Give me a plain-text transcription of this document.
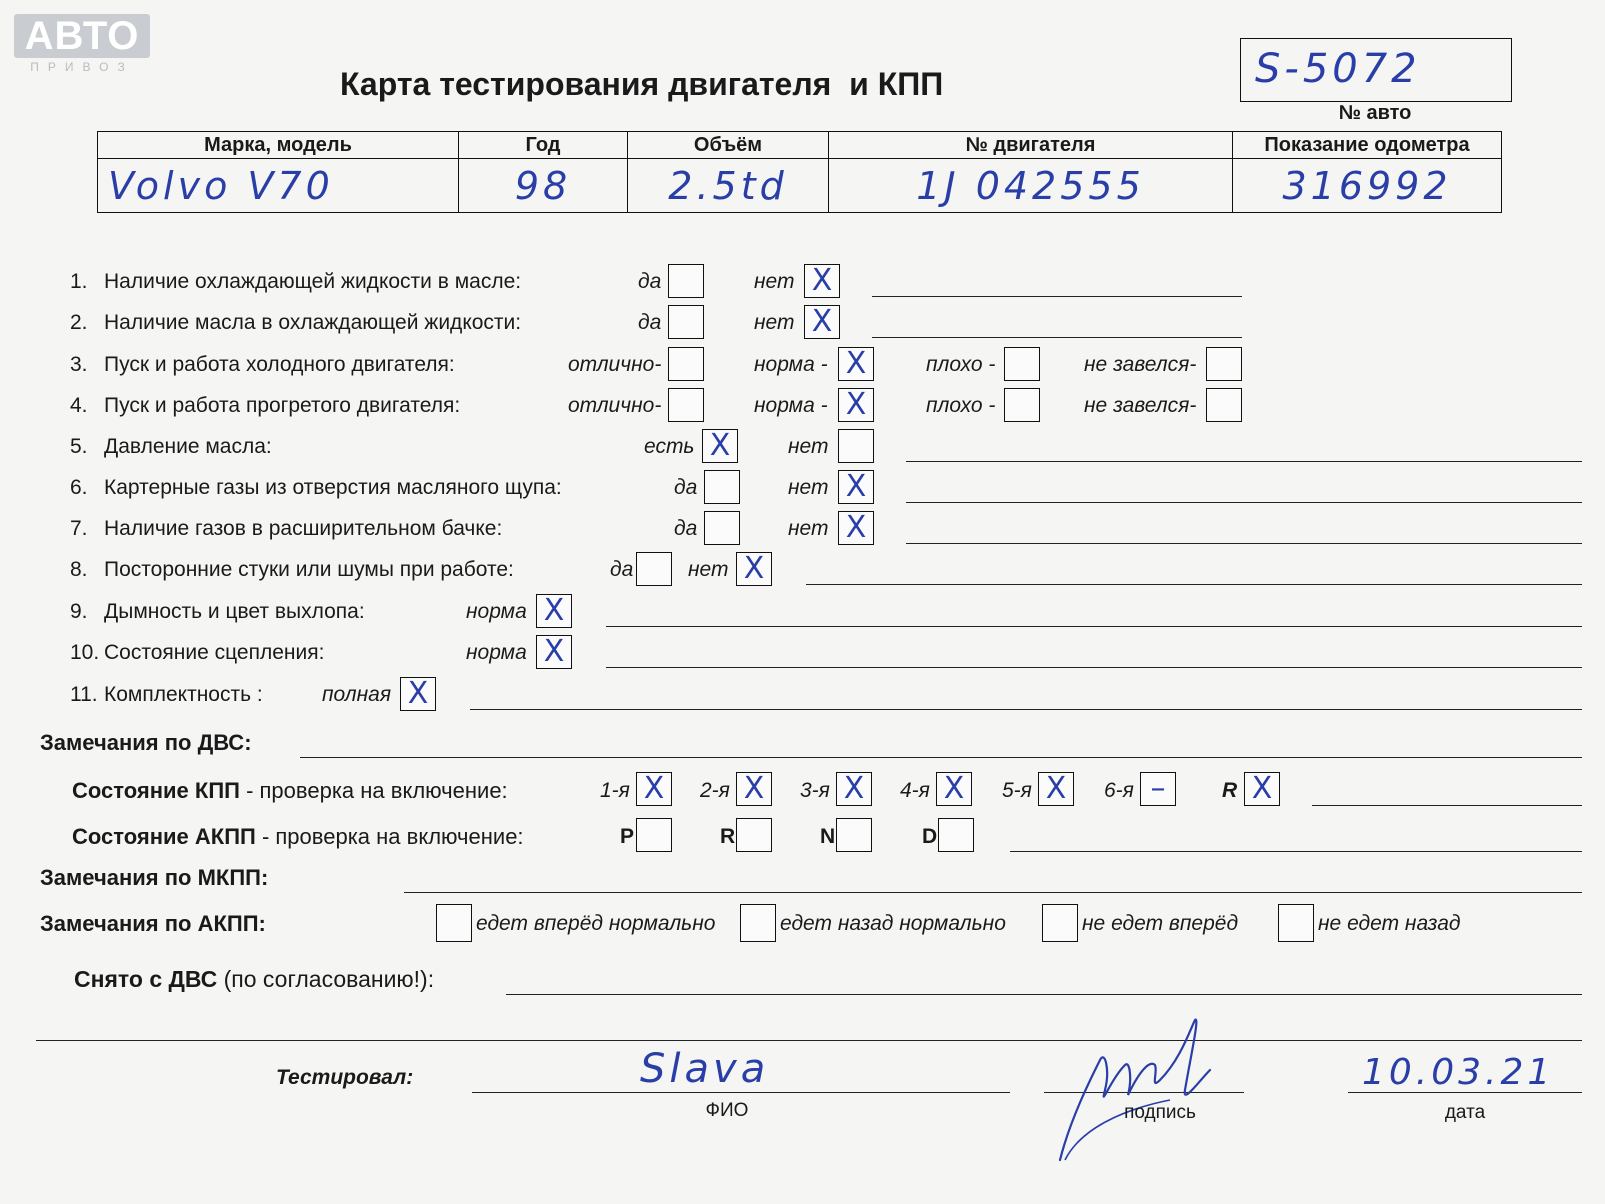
АВТО
ПРИВОЗ	Карта тестирования двигателя  и КПП	S-5072
№ авто
Марка, модель	Год	Объём	№ двигателя	Показание одометра
Volvo V70	98	2.5td	1J 042555	316992
1. Наличие охлаждающей жидкости в масле:	да	нет X
2. Наличие масла в охлаждающей жидкости:	да	нет X
3. Пуск и работа холодного двигателя:	отлично-	норма - X	плохо -	не завелся-
4. Пуск и работа прогретого двигателя:	отлично-	норма - X	плохо -	не завелся-
5. Давление масла:	есть X	нет
6. Картерные газы из отверстия масляного щупа:	да	нет X
7. Наличие газов в расширительном бачке:	да	нет X
8. Посторонние стуки или шумы при работе:	да	нет X
9. Дымность и цвет выхлопа:	норма X
10. Состояние сцепления:	норма X
11. Комплектность :	полная X
Замечания по ДВС:
Состояние КПП - проверка на включение:	1-я X	2-я X	3-я X	4-я X	5-я X	6-я –	R X
Состояние АКПП - проверка на включение:	P	R	N	D
Замечания по МКПП:
Замечания по АКПП:	едет вперёд нормально	едет назад нормально	не едет вперёд	не едет назад
Снято с ДВС (по согласованию!):
Тестировал:	Slava
ФИО	подпись
10.03.21
дата
